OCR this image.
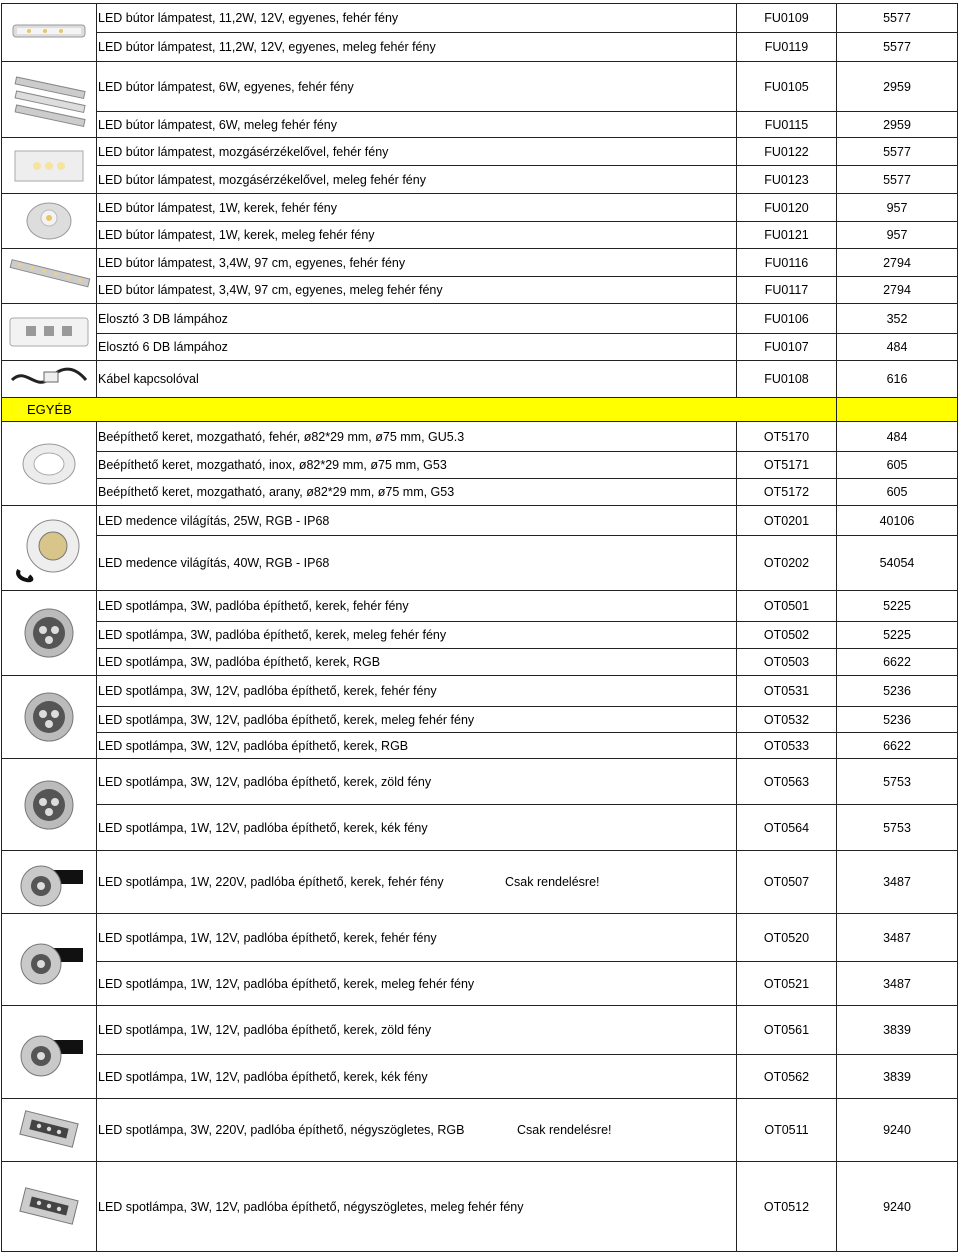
LED bútor lámpatest, 11,2W, 12V, egyenes, fehér fény	FU0109	5577

	LED bútor lámpatest, 11,2W, 12V, egyenes, meleg fehér fény	FU0119	5577

LED bútor lámpatest, 6W, egyenes, fehér fény	FU0105	2959

	LED bútor lámpatest, 6W, meleg fehér fény	FU0115	2959

LED bútor lámpatest, mozgásérzékelővel, fehér fény	FU0122	5577

	LED bútor lámpatest, mozgásérzékelővel, meleg fehér fény	FU0123	5577

LED bútor lámpatest, 1W, kerek, fehér fény	FU0120	957

	LED bútor lámpatest, 1W, kerek, meleg fehér fény	FU0121	957

LED bútor lámpatest, 3,4W, 97 cm, egyenes, fehér fény	FU0116	2794

	LED bútor lámpatest, 3,4W, 97 cm, egyenes, meleg fehér fény	FU0117	2794

Elosztó 3 DB lámpához	FU0106	352

	Elosztó 6 DB lámpához	FU0107	484

Kábel kapcsolóval	FU0108	616
EGYÉB			

Beépíthető keret, mozgatható, fehér, ø82*29 mm, ø75 mm, GU5.3	OT5170	484

	Beépíthető keret, mozgatható, inox, ø82*29 mm, ø75 mm, G53	OT5171	605

	Beépíthető keret, mozgatható, arany, ø82*29 mm, ø75 mm, G53	OT5172	605

LED medence világítás, 25W, RGB - IP68	OT0201	40106

	LED medence világítás, 40W, RGB - IP68	OT0202	54054

LED spotlámpa, 3W, padlóba építhető, kerek, fehér fény	OT0501	5225

	LED spotlámpa, 3W, padlóba építhető, kerek, meleg fehér fény	OT0502	5225

	LED spotlámpa, 3W, padlóba építhető, kerek, RGB	OT0503	6622

LED spotlámpa, 3W, 12V, padlóba építhető, kerek, fehér fény	OT0531	5236

	LED spotlámpa, 3W, 12V, padlóba építhető, kerek, meleg fehér fény	OT0532	5236

	LED spotlámpa, 3W, 12V, padlóba építhető, kerek, RGB	OT0533	6622

LED spotlámpa, 3W, 12V, padlóba építhető, kerek, zöld fény	OT0563	5753

	LED spotlámpa, 1W, 12V, padlóba építhető, kerek, kék fény	OT0564	5753

LED spotlámpa, 1W, 220V, padlóba építhető, kerek, fehér fény Csak rendelésre!	OT0507	3487

LED spotlámpa, 1W, 12V, padlóba építhető, kerek, fehér fény	OT0520	3487

	LED spotlámpa, 1W, 12V, padlóba építhető, kerek, meleg fehér fény	OT0521	3487

LED spotlámpa, 1W, 12V, padlóba építhető, kerek, zöld fény	OT0561	3839

	LED spotlámpa, 1W, 12V, padlóba építhető, kerek, kék fény	OT0562	3839

LED spotlámpa, 3W, 220V, padlóba építhető, négyszögletes, RGB Csak rendelésre!	OT0511	9240

LED spotlámpa, 3W, 12V, padlóba építhető, négyszögletes, meleg fehér fény	OT0512	9240
